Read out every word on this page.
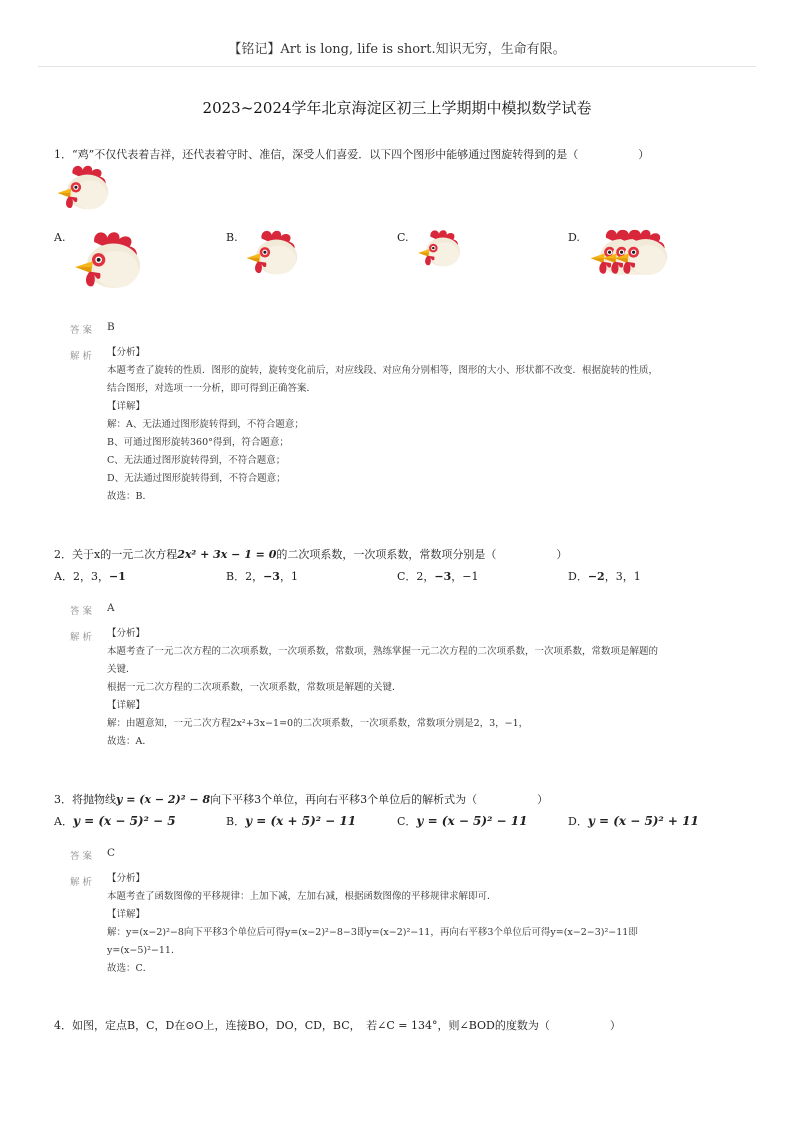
【铭记】Art is long, life is short.知识无穷，生命有限。
2023~2024学年北京海淀区初三上学期期中模拟数学试卷
1．“鸡”不仅代表着吉祥，还代表着守时、准信，深受人们喜爱．以下四个图形中能够通过图旋转得到的是（	）
A.	B.	C.	D.
答案 B
解析 【分析】

本题考查了旋转的性质．图形的旋转，旋转变化前后，对应线段、对应角分别相等，图形的大小、形状都不改变．根据旋转的性质，

结合图形，对选项一一分析，即可得到正确答案．

【详解】

解：A、无法通过图形旋转得到，不符合题意；

B、可通过图形旋转360°得到，符合题意；

C、无法通过图形旋转得到，不符合题意；

D、无法通过图形旋转得到，不符合题意；

故选：B．

2．关于x的一元二次方程2x² + 3x − 1 = 0的二次项系数，一次项系数，常数项分别是（	）
A．2，3，−1	B．2，−3，1	C．2，−3，−1	D．−2，3，1
答案 A
解析 【分析】

本题考查了一元二次方程的二次项系数，一次项系数，常数项，熟练掌握一元二次方程的二次项系数，一次项系数，常数项是解题的

关键．

根据一元二次方程的二次项系数，一次项系数，常数项是解题的关键．

【详解】

解：由题意知，一元二次方程2x²+3x−1=0的二次项系数，一次项系数，常数项分别是2，3，−1，

故选：A．

3．将抛物线y = (x − 2)² − 8向下平移3个单位，再向右平移3个单位后的解析式为（	）
A．y = (x − 5)² − 5	B．y = (x + 5)² − 11	C．y = (x − 5)² − 11	D．y = (x − 5)² + 11
答案 C
解析 【分析】

本题考查了函数图像的平移规律：上加下减，左加右减，根据函数图像的平移规律求解即可．

【详解】

解：y=(x−2)²−8向下平移3个单位后可得y=(x−2)²−8−3即y=(x−2)²−11，再向右平移3个单位后可得y=(x−2−3)²−11即

y=(x−5)²−11．

故选：C．

4．如图，定点B，C，D在⊙O上，连接BO，DO，CD，BC，　若∠C = 134°，则∠BOD的度数为（	）
